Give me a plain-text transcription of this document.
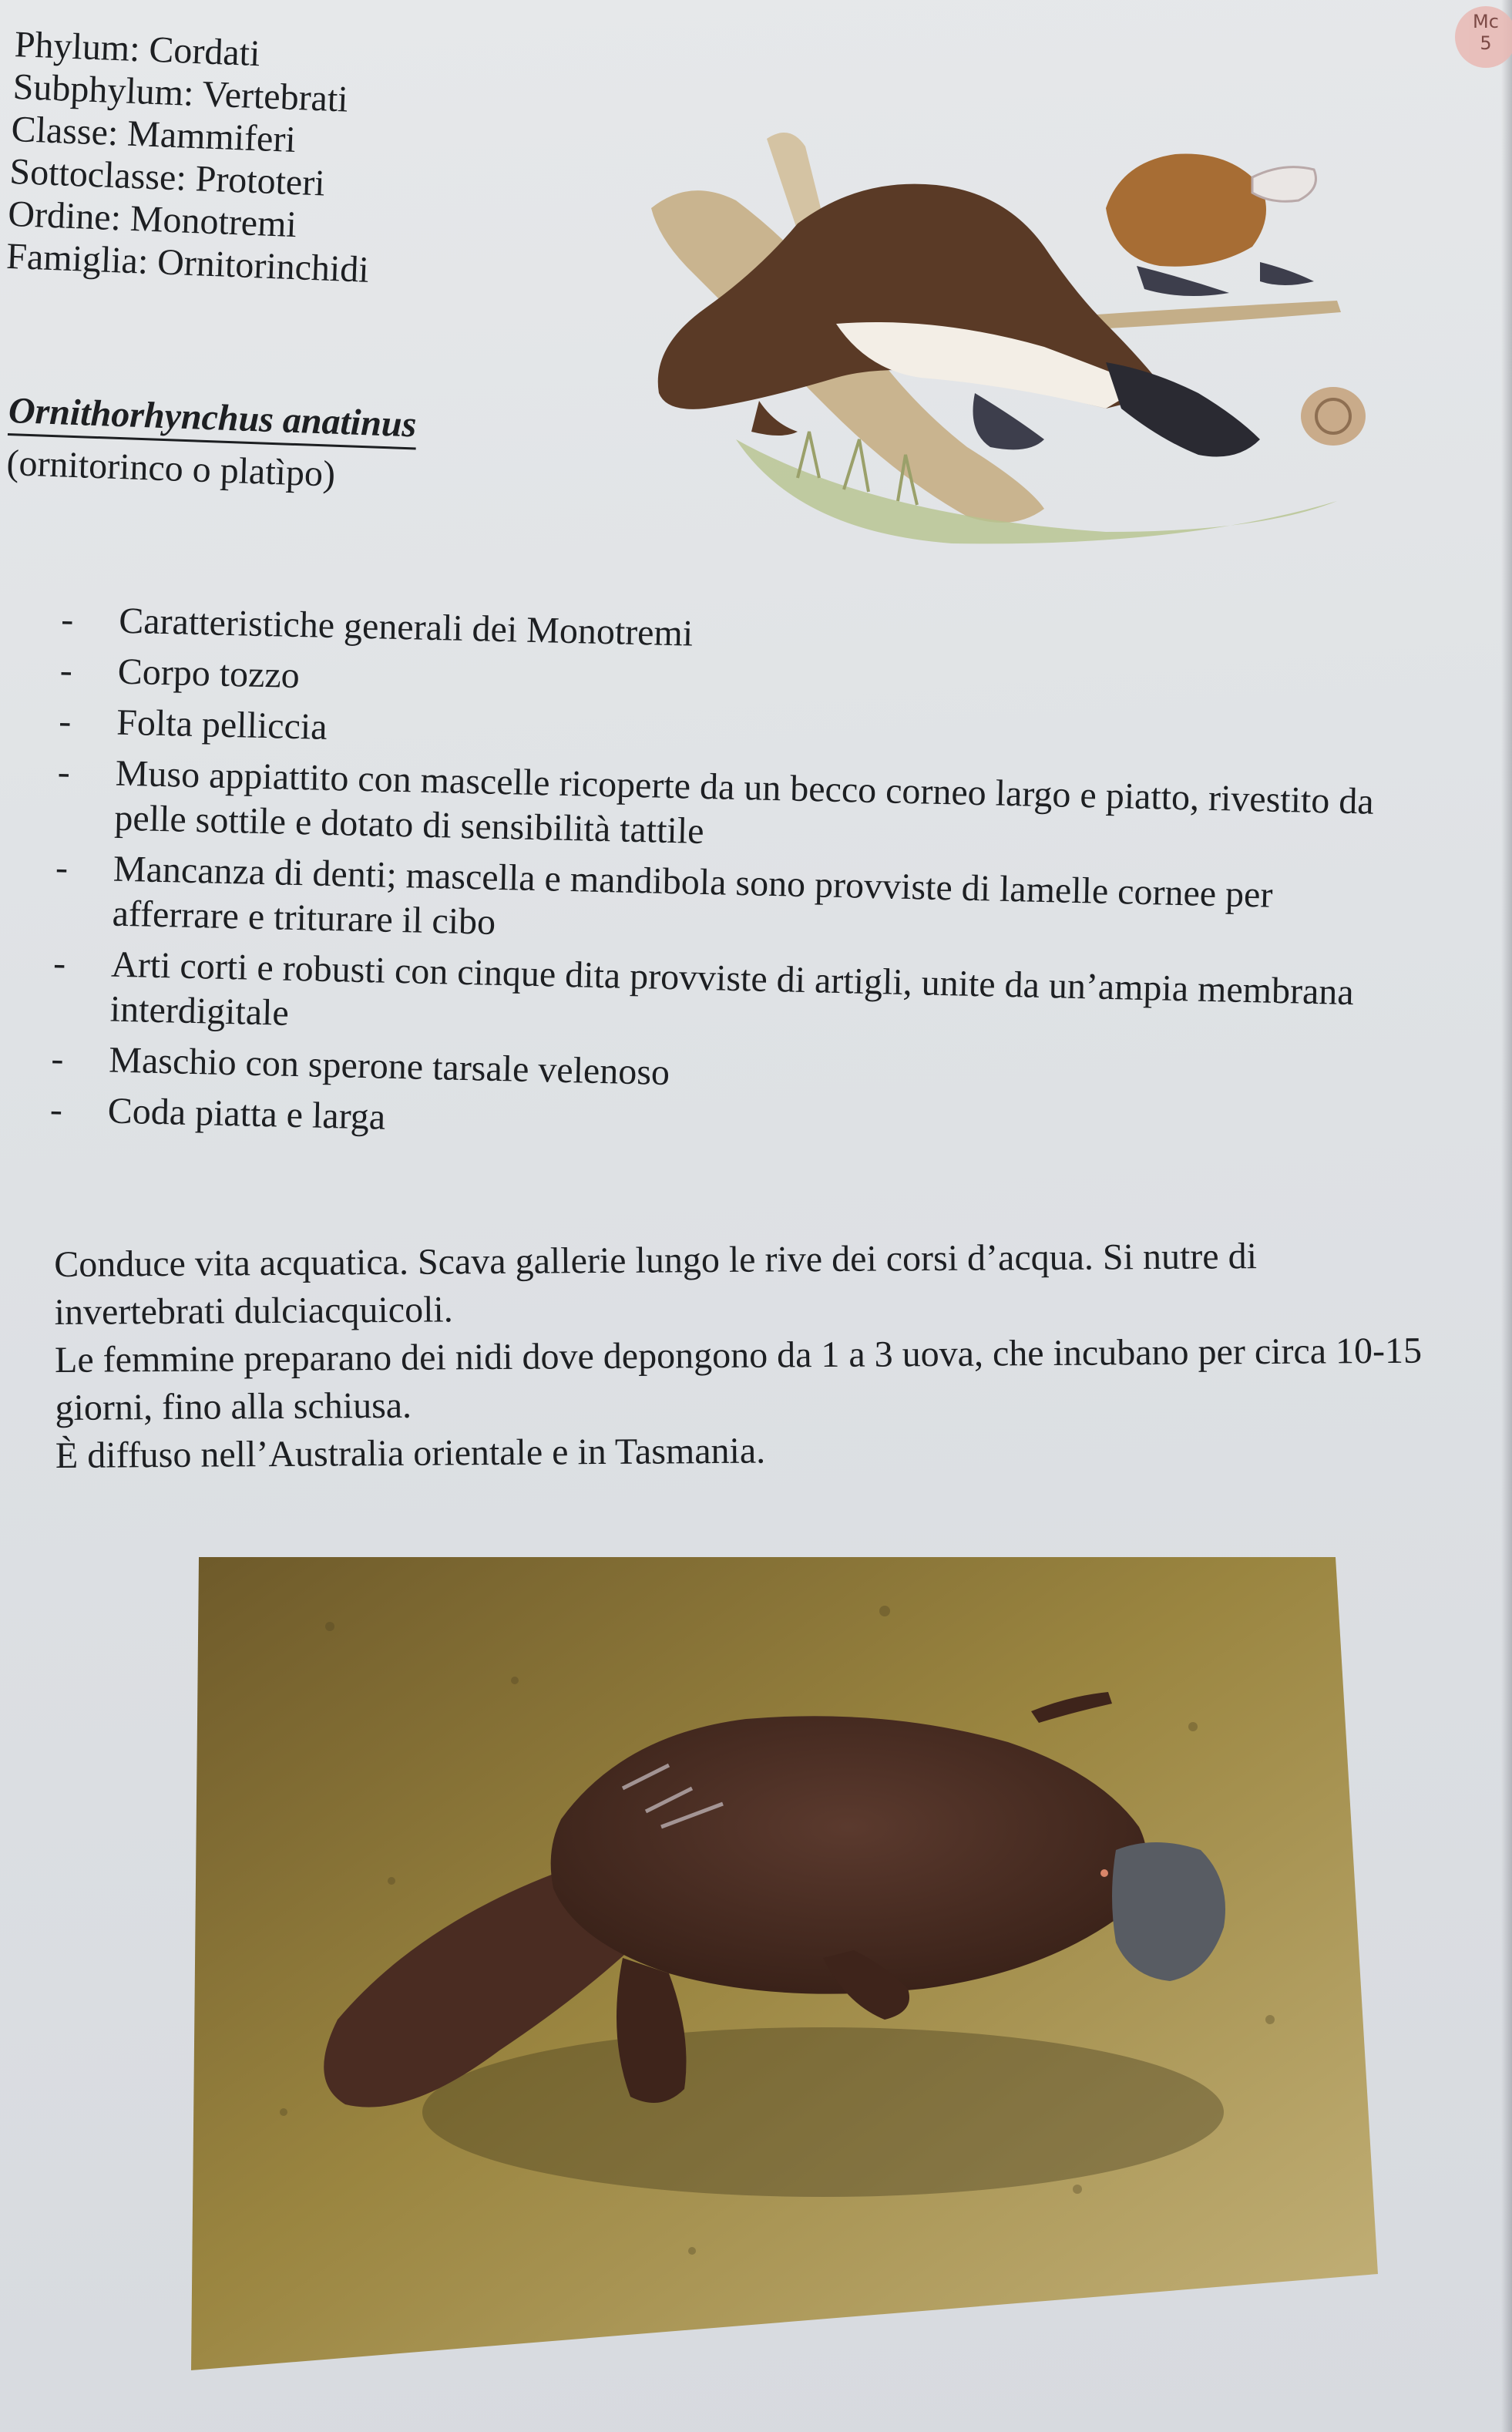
Mc
5
Phylum: Cordati
Subphylum: Vertebrati
Classe: Mammiferi
Sottoclasse: Prototeri
Ordine: Monotremi
Famiglia: Ornitorinchidi
Ornithorhynchus anatinus
(ornitorinco o platìpo)
- Caratteristiche generali dei Monotremi
- Corpo tozzo
- Folta pelliccia
- Muso appiattito con mascelle ricoperte da un becco corneo largo e piatto, rivestito da pelle sottile e dotato di sensibilità tattile
- Mancanza di denti; mascella e mandibola sono provviste di lamelle cornee per afferrare e triturare il cibo
- Arti corti e robusti con cinque dita provviste di artigli, unite da un’ampia membrana interdigitale
- Maschio con sperone tarsale velenoso
- Coda piatta e larga

Conduce vita acquatica. Scava gallerie lungo le rive dei corsi d’acqua. Si nutre di invertebrati dulciacquicoli.

Le femmine preparano dei nidi dove depongono da 1 a 3 uova, che incubano per circa 10-15 giorni, fino alla schiusa.

È diffuso nell’Australia orientale e in Tasmania.
